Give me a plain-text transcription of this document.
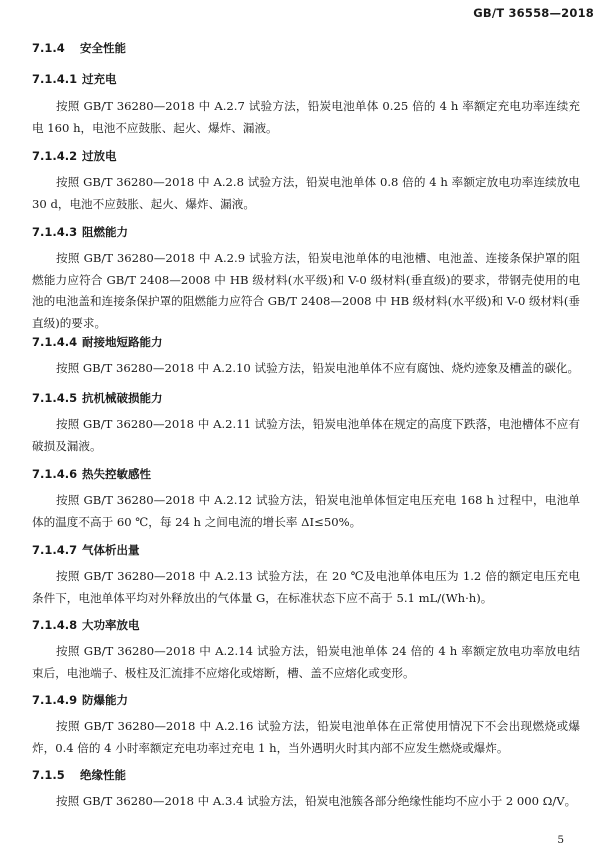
GB/T 36558—2018
7.1.4 安全性能
7.1.4.1 过充电
按照 GB/T 36280—2018 中 A.2.7 试验方法，铅炭电池单体 0.25 倍的 4 h 率额定充电功率连续充电 160 h，电池不应鼓胀、起火、爆炸、漏液。
7.1.4.2 过放电
按照 GB/T 36280—2018 中 A.2.8 试验方法，铅炭电池单体 0.8 倍的 4 h 率额定放电功率连续放电 30 d，电池不应鼓胀、起火、爆炸、漏液。
7.1.4.3 阻燃能力
按照 GB/T 36280—2018 中 A.2.9 试验方法，铅炭电池单体的电池槽、电池盖、连接条保护罩的阻燃能力应符合 GB/T 2408—2008 中 HB 级材料(水平级)和 V-0 级材料(垂直级)的要求，带钢壳使用的电池的电池盖和连接条保护罩的阻燃能力应符合 GB/T 2408—2008 中 HB 级材料(水平级)和 V-0 级材料(垂直级)的要求。
7.1.4.4 耐接地短路能力
按照 GB/T 36280—2018 中 A.2.10 试验方法，铅炭电池单体不应有腐蚀、烧灼迹象及槽盖的碳化。
7.1.4.5 抗机械破损能力
按照 GB/T 36280—2018 中 A.2.11 试验方法，铅炭电池单体在规定的高度下跌落，电池槽体不应有破损及漏液。
7.1.4.6 热失控敏感性
按照 GB/T 36280—2018 中 A.2.12 试验方法，铅炭电池单体恒定电压充电 168 h 过程中，电池单体的温度不高于 60 ℃，每 24 h 之间电流的增长率 ΔI≤50%。
7.1.4.7 气体析出量
按照 GB/T 36280—2018 中 A.2.13 试验方法，在 20 ℃及电池单体电压为 1.2 倍的额定电压充电条件下，电池单体平均对外释放出的气体量 G，在标准状态下应不高于 5.1 mL/(Wh·h)。
7.1.4.8 大功率放电
按照 GB/T 36280—2018 中 A.2.14 试验方法，铅炭电池单体 24 倍的 4 h 率额定放电功率放电结束后，电池端子、极柱及汇流排不应熔化或熔断，槽、盖不应熔化或变形。
7.1.4.9 防爆能力
按照 GB/T 36280—2018 中 A.2.16 试验方法，铅炭电池单体在正常使用情况下不会出现燃烧或爆炸，0.4 倍的 4 小时率额定充电功率过充电 1 h，当外遇明火时其内部不应发生燃烧或爆炸。
7.1.5 绝缘性能
按照 GB/T 36280—2018 中 A.3.4 试验方法，铅炭电池簇各部分绝缘性能均不应小于 2 000 Ω/V。
5
